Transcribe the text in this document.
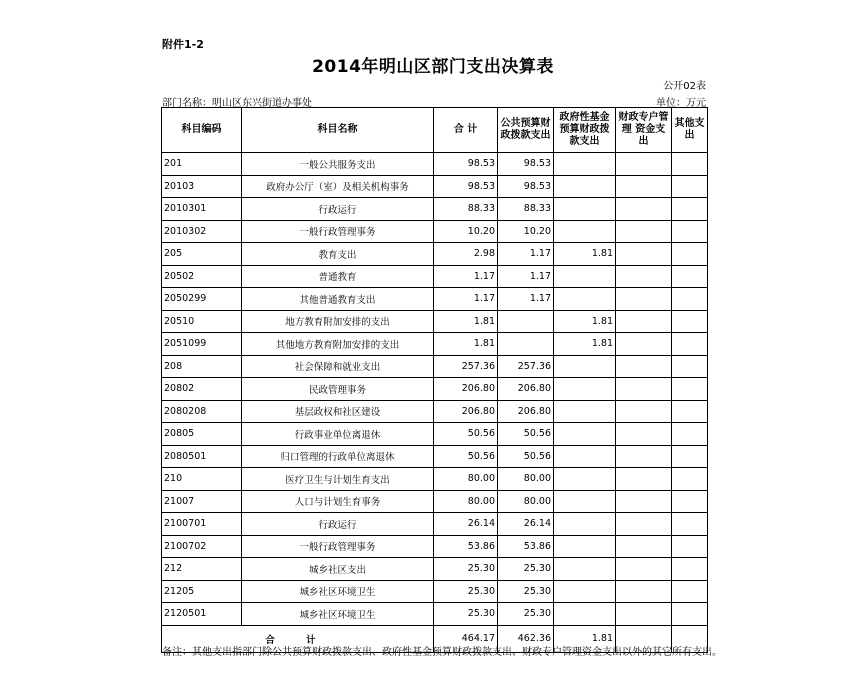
附件1-2
2014年明山区部门支出决算表
公开02表
部门名称：明山区东兴街道办事处	单位：万元
科目编码	科目名称	合 计	公共预算财政拨款支出	政府性基金预算财政拨款支出	财政专户管理 资金支出	其他支出
201	一般公共服务支出	98.53	98.53			
20103	政府办公厅（室）及相关机构事务	98.53	98.53			
2010301	行政运行	88.33	88.33			
2010302	一般行政管理事务	10.20	10.20			
205	教育支出	2.98	1.17	1.81		
20502	普通教育	1.17	1.17			
2050299	其他普通教育支出	1.17	1.17			
20510	地方教育附加安排的支出	1.81		1.81		
2051099	其他地方教育附加安排的支出	1.81		1.81		
208	社会保障和就业支出	257.36	257.36			
20802	民政管理事务	206.80	206.80			
2080208	基层政权和社区建设	206.80	206.80			
20805	行政事业单位离退休	50.56	50.56			
2080501	归口管理的行政单位离退休	50.56	50.56			
210	医疗卫生与计划生育支出	80.00	80.00			
21007	人口与计划生育事务	80.00	80.00			
2100701	行政运行	26.14	26.14			
2100702	一般行政管理事务	53.86	53.86			
212	城乡社区支出	25.30	25.30			
21205	城乡社区环境卫生	25.30	25.30			
2120501	城乡社区环境卫生	25.30	25.30			
合 计		464.17	462.36	1.81		
备注：其他支出指部门除公共预算财政拨款支出、政府性基金预算财政拨款支出、财政专户管理资金支出以外的其它所有支出。
